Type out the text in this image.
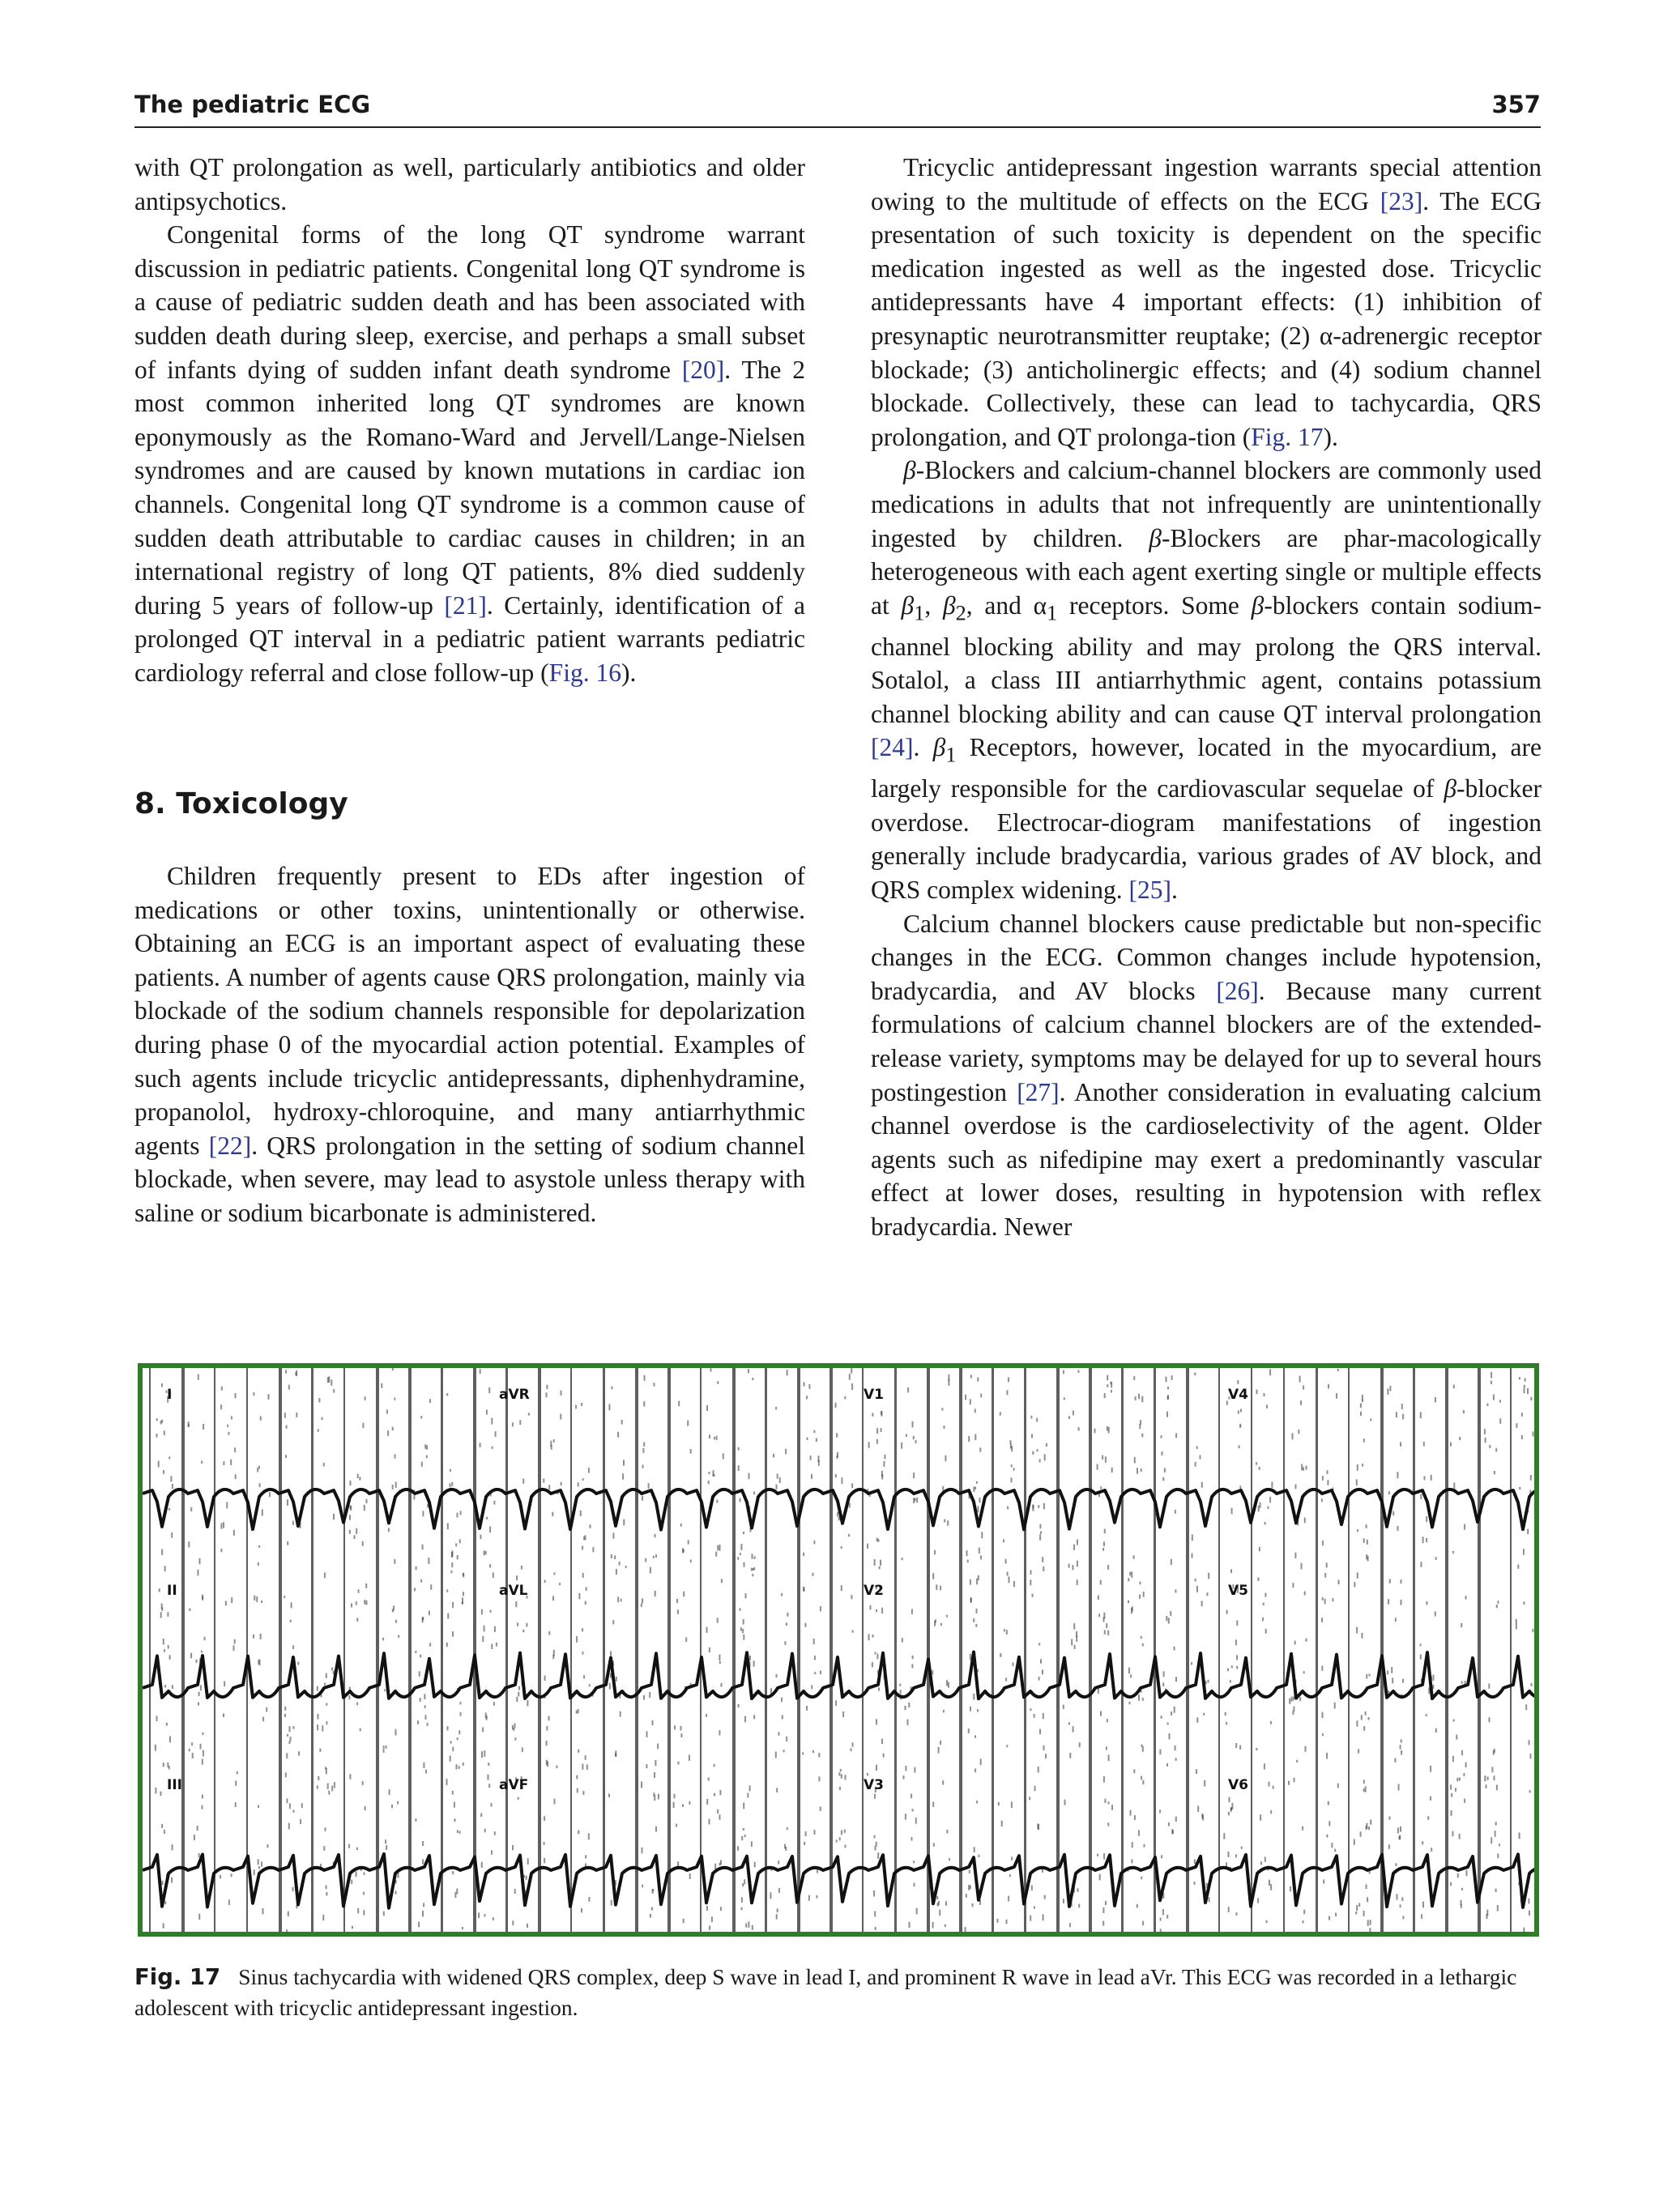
The pediatric ECG	357

with QT prolongation as well, particularly antibiotics and older antipsychotics.

Congenital forms of the long QT syndrome warrant discussion in pediatric patients. Congenital long QT syndrome is a cause of pediatric sudden death and has been associated with sudden death during sleep, exercise, and perhaps a small subset of infants dying of sudden infant death syndrome [20]. The 2 most common inherited long QT syndromes are known eponymously as the Romano-Ward and Jervell/Lange-Nielsen syndromes and are caused by known mutations in cardiac ion channels. Congenital long QT syndrome is a common cause of sudden death attributable to cardiac causes in children; in an international registry of long QT patients, 8% died suddenly during 5 years of follow-up [21]. Certainly, identification of a prolonged QT interval in a pediatric patient warrants pediatric cardiology referral and close follow-up (Fig. 16).

8. Toxicology

Children frequently present to EDs after ingestion of medications or other toxins, unintentionally or otherwise. Obtaining an ECG is an important aspect of evaluating these patients. A number of agents cause QRS prolongation, mainly via blockade of the sodium channels responsible for depolarization during phase 0 of the myocardial action potential. Examples of such agents include tricyclic antidepressants, diphenhydramine, propanolol, hydroxy-chloroquine, and many antiarrhythmic agents [22]. QRS prolongation in the setting of sodium channel blockade, when severe, may lead to asystole unless therapy with saline or sodium bicarbonate is administered.

Tricyclic antidepressant ingestion warrants special attention owing to the multitude of effects on the ECG [23]. The ECG presentation of such toxicity is dependent on the specific medication ingested as well as the ingested dose. Tricyclic antidepressants have 4 important effects: (1) inhibition of presynaptic neurotransmitter reuptake; (2) α-adrenergic receptor blockade; (3) anticholinergic effects; and (4) sodium channel blockade. Collectively, these can lead to tachycardia, QRS prolongation, and QT prolonga-tion (Fig. 17).

β-Blockers and calcium-channel blockers are commonly used medications in adults that not infrequently are unintentionally ingested by children. β-Blockers are phar-macologically heterogeneous with each agent exerting single or multiple effects at $\beta_1$, $\beta_2$, and $\alpha_1$ receptors. Some β-blockers contain sodium-channel blocking ability and may prolong the QRS interval. Sotalol, a class III antiarrhythmic agent, contains potassium channel blocking ability and can cause QT interval prolongation [24]. $\beta_1$ Receptors, however, located in the myocardium, are largely responsible for the cardiovascular sequelae of β-blocker overdose. Electrocar-diogram manifestations of ingestion generally include bradycardia, various grades of AV block, and QRS complex widening. [25].

Calcium channel blockers cause predictable but non-specific changes in the ECG. Common changes include hypotension, bradycardia, and AV blocks [26]. Because many current formulations of calcium channel blockers are of the extended-release variety, symptoms may be delayed for up to several hours postingestion [27]. Another consideration in evaluating calcium channel overdose is the cardioselectivity of the agent. Older agents such as nifedipine may exert a predominantly vascular effect at lower doses, resulting in hypotension with reflex bradycardia. Newer

I	aVR	V1	V4
II	aVL	V2	V5
III	aVF	V3	V6
Fig. 17 Sinus tachycardia with widened QRS complex, deep S wave in lead I, and prominent R wave in lead aVr. This ECG was recorded in a lethargic adolescent with tricyclic antidepressant ingestion.
